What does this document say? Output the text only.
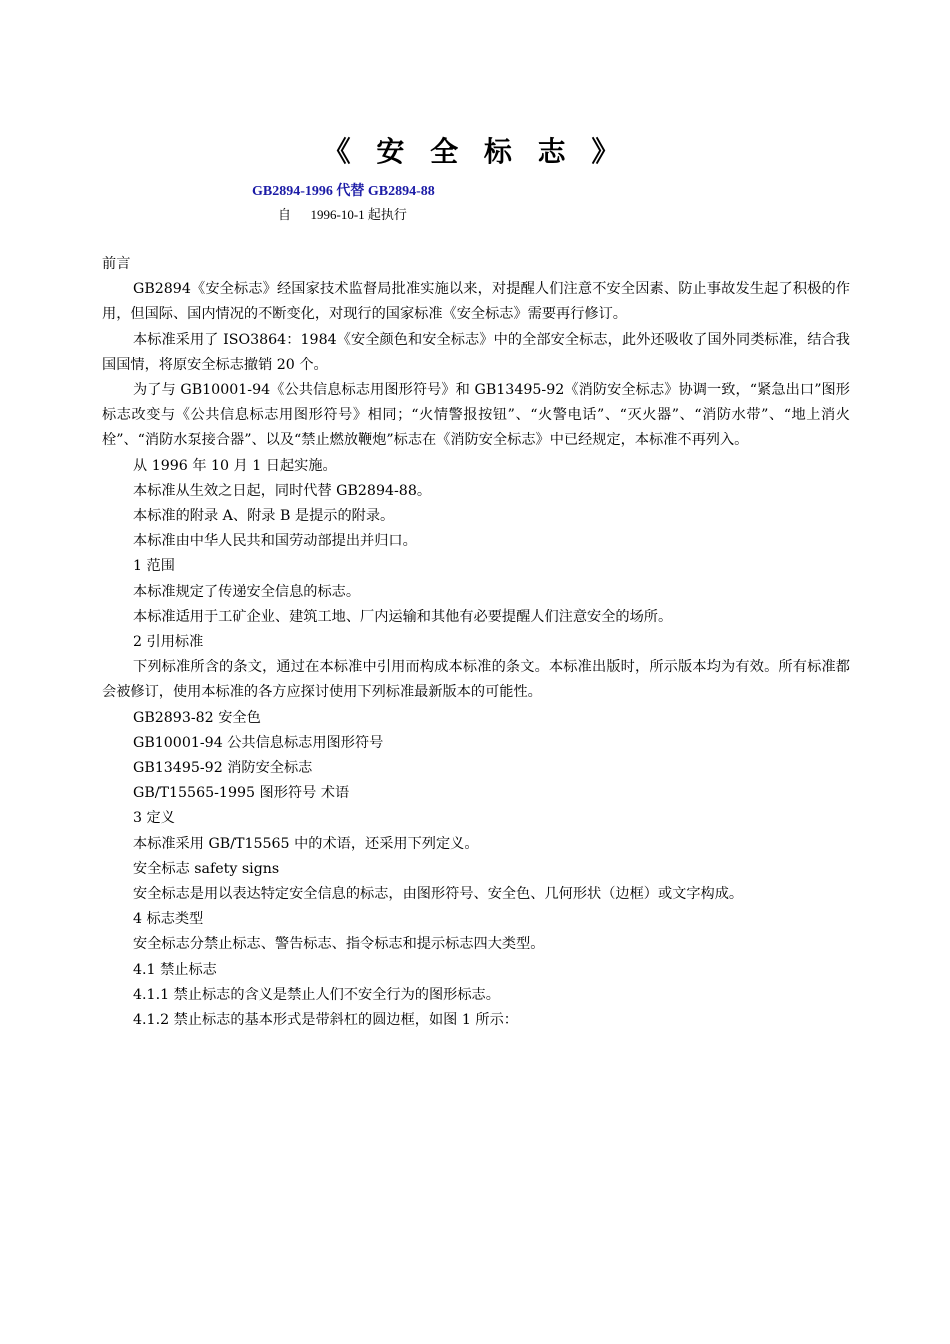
《 安 全 标 志 》
GB2894-1996 代替 GB2894-88
自      1996-10-1 起执行

前言

GB2894《安全标志》经国家技术监督局批准实施以来，对提醒人们注意不安全因素、防止事故发生起了积极的作用，但国际、国内情况的不断变化，对现行的国家标准《安全标志》需要再行修订。

本标准采用了 ISO3864：1984《安全颜色和安全标志》中的全部安全标志，此外还吸收了国外同类标准，结合我国国情，将原安全标志撤销 20 个。

为了与 GB10001-94《公共信息标志用图形符号》和 GB13495-92《消防安全标志》协调一致，“紧急出口”图形标志改变与《公共信息标志用图形符号》相同；“火情警报按钮”、“火警电话”、“灭火器”、“消防水带”、“地上消火栓”、“消防水泵接合器”、以及“禁止燃放鞭炮”标志在《消防安全标志》中已经规定，本标准不再列入。

从 1996 年 10 月 1 日起实施。

本标准从生效之日起，同时代替 GB2894-88。

本标准的附录 A、附录 B 是提示的附录。

本标准由中华人民共和国劳动部提出并归口。

1 范围

本标准规定了传递安全信息的标志。

本标准适用于工矿企业、建筑工地、厂内运输和其他有必要提醒人们注意安全的场所。

2 引用标准

下列标准所含的条文，通过在本标准中引用而构成本标准的条文。本标准出版时，所示版本均为有效。所有标准都会被修订，使用本标准的各方应探讨使用下列标准最新版本的可能性。

GB2893-82 安全色

GB10001-94 公共信息标志用图形符号

GB13495-92 消防安全标志

GB/T15565-1995 图形符号 术语

3 定义

本标准采用 GB/T15565 中的术语，还采用下列定义。

安全标志 safety signs

安全标志是用以表达特定安全信息的标志，由图形符号、安全色、几何形状（边框）或文字构成。

4 标志类型

安全标志分禁止标志、警告标志、指令标志和提示标志四大类型。

4.1 禁止标志

4.1.1 禁止标志的含义是禁止人们不安全行为的图形标志。

4.1.2 禁止标志的基本形式是带斜杠的圆边框，如图 1 所示：
